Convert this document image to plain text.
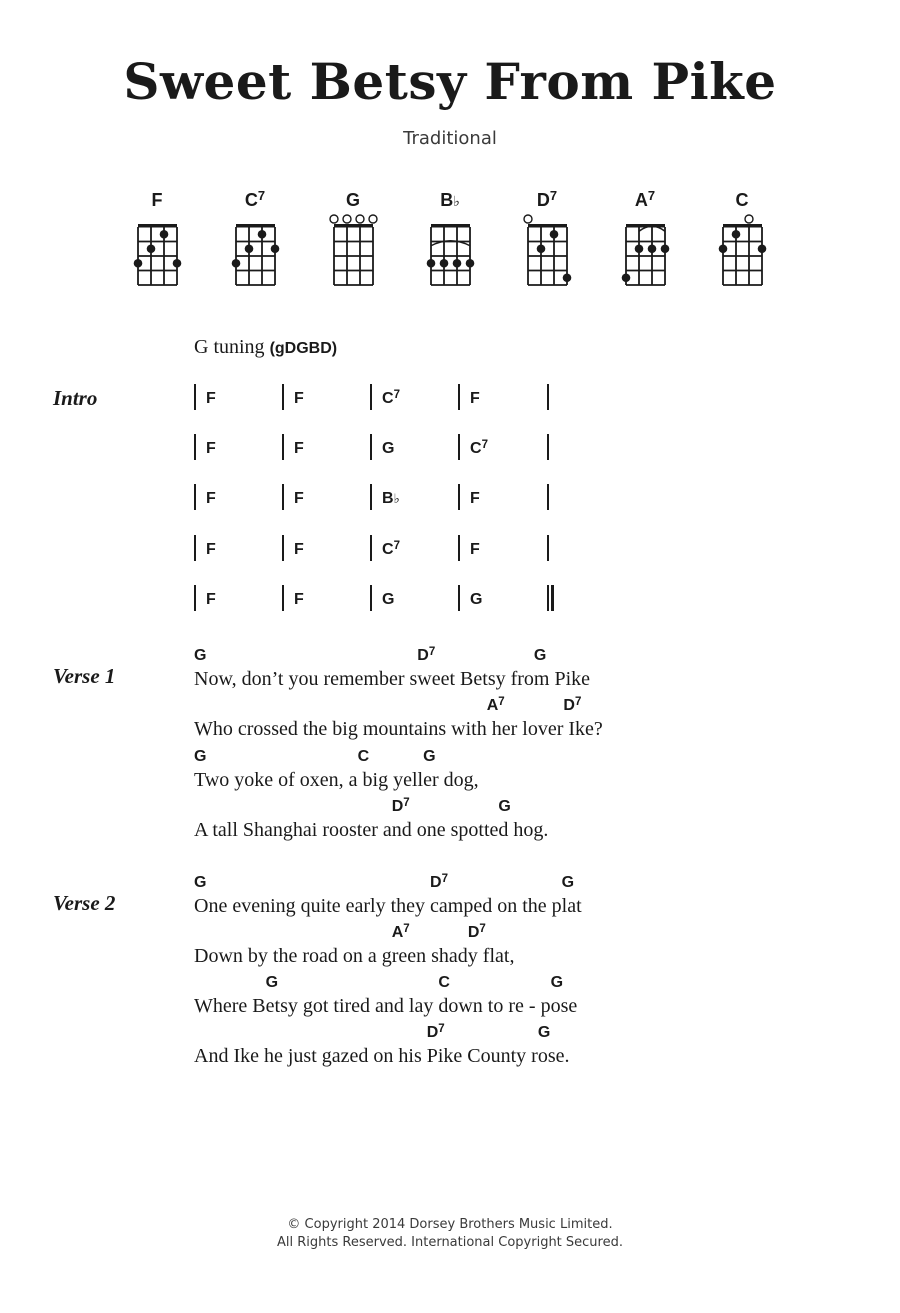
Sweet Betsy From Pike
Traditional
F	$C^7$	G	B♭	$D^7$	$A^7$	C
G tuning (gDGBD)
Intro	F	F	$C^7$	F
F	F	G	$C^7$
F	F	B♭	F
F	F	$C^7$	F
F	F	G	G
Verse 1
Verse 2
Now, don’t you remember sweet Betsy from Pike
G	$D^7$	G
Who crossed the big mountains with her lover Ike?
$A^7$	$D^7$
Two yoke of oxen, a big yeller dog,
G	C	G
A tall Shanghai rooster and one spotted hog.
$D^7$	G
One evening quite early they camped on the plat
G	$D^7$	G
Down by the road on a green shady flat,
$A^7$	$D^7$
Where Betsy got tired and lay down to re - pose
G	C	G
And Ike he just gazed on his Pike County rose.
$D^7$	G
© Copyright 2014 Dorsey Brothers Music Limited.
All Rights Reserved. International Copyright Secured.
